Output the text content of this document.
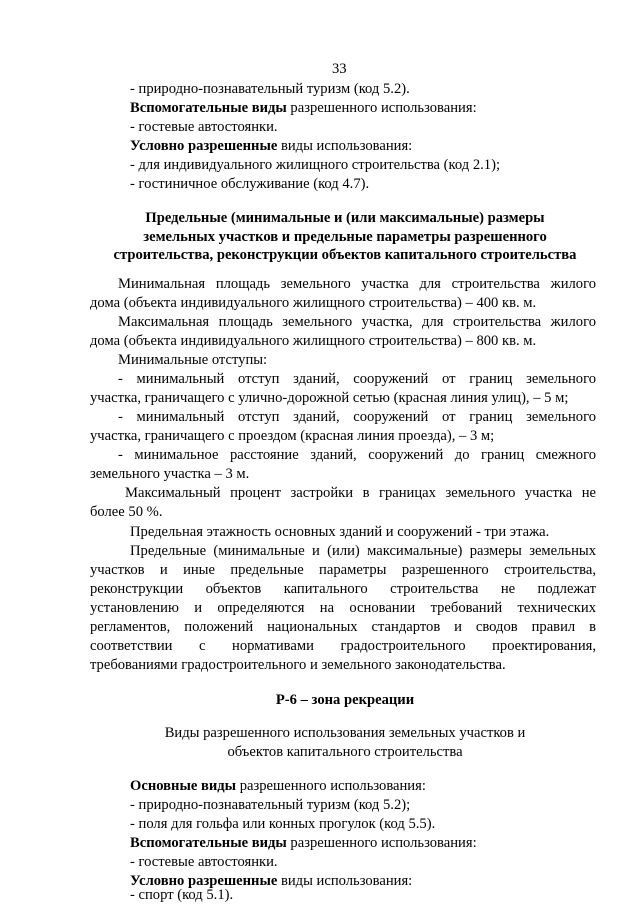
33
- природно-познавательный туризм (код 5.2).
Вспомогательные виды разрешенного использования:
- гостевые автостоянки.
Условно разрешенные виды использования:
- для индивидуального жилищного строительства (код 2.1);
- гостиничное обслуживание (код 4.7).
Предельные (минимальные и (или максимальные) размеры
земельных участков и предельные параметры разрешенного
строительства, реконструкции объектов капитального строительства
Минимальная площадь земельного участка для строительства жилого
дома (объекта индивидуального жилищного строительства) – 400 кв. м.
Максимальная площадь земельного участка, для строительства жилого
дома (объекта индивидуального жилищного строительства) – 800 кв. м.
Минимальные отступы:
- минимальный отступ зданий, сооружений от границ земельного
участка, граничащего с улично-дорожной сетью (красная линия улиц), – 5 м;
- минимальный отступ зданий, сооружений от границ земельного
участка, граничащего с проездом (красная линия проезда), – 3 м;
- минимальное расстояние зданий, сооружений до границ смежного
земельного участка – 3 м.
Максимальный процент застройки в границах земельного участка не
более 50 %.
Предельная этажность основных зданий и сооружений - три этажа.
Предельные (минимальные и (или) максимальные) размеры земельных
участков и иные предельные параметры разрешенного строительства,
реконструкции объектов капитального строительства не подлежат
установлению и определяются на основании требований технических
регламентов, положений национальных стандартов и сводов правил в
соответствии с нормативами градостроительного проектирования,
требованиями градостроительного и земельного законодательства.
Р-6 – зона рекреации
Виды разрешенного использования земельных участков и
объектов капитального строительства
Основные виды разрешенного использования:
- природно-познавательный туризм (код 5.2);
- поля для гольфа или конных прогулок (код 5.5).
Вспомогательные виды разрешенного использования:
- гостевые автостоянки.
Условно разрешенные виды использования:
- спорт (код 5.1).
